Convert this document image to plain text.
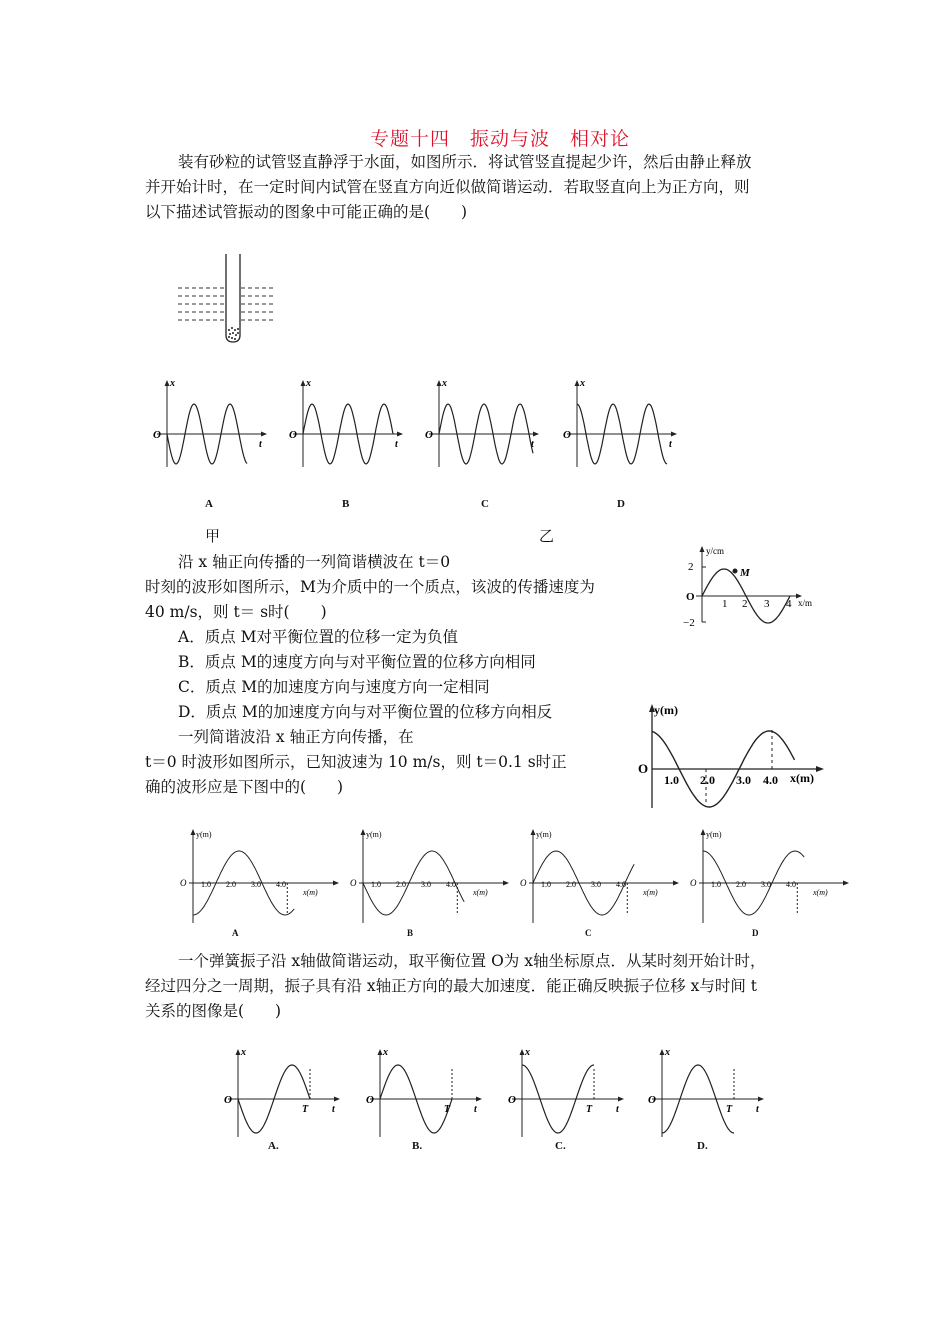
专题十四　振动与波　相对论
装有砂粒的试管竖直静浮于水面，如图所示．将试管竖直提起少许，然后由静止释放
并开始计时，在一定时间内试管在竖直方向近似做简谐运动．若取竖直向上为正方向，则
以下描述试管振动的图象中可能正确的是(　　)
x
t
O
x
t
O
x
t
O
x
t
O
A	B	C	D
甲	乙
沿 x 轴正向传播的一列简谐横波在 t＝0
时刻的波形如图所示，M为介质中的一个质点，该波的传播速度为
40 m/s，则 t＝ s时(　　)
A．质点 M对平衡位置的位移一定为负值
B．质点 M的速度方向与对平衡位置的位移方向相同
C．质点 M的加速度方向与速度方向一定相同
D．质点 M的加速度方向与对平衡位置的位移方向相反
y/cm
x/m
2
−2
O
1 2 3 4
M
一列简谐波沿 x 轴正方向传播，在
t＝0 时波形如图所示，已知波速为 10 m/s，则 t＝0.1 s时正
确的波形应是下图中的(　　)
y(m)
x(m)
O
1.0 2.0 3.0 4.0
y(m)
x(m)
O 1.0 2.0 3.0 4.0
y(m)
x(m)
O 1.0 2.0 3.0 4.0
y(m)
x(m)
O 1.0 2.0 3.0 4.0
y(m)
x(m)
O 1.0 2.0 3.0 4.0
A	B	C	D
一个弹簧振子沿 x轴做简谐运动，取平衡位置 O为 x轴坐标原点．从某时刻开始计时，
经过四分之一周期，振子具有沿 x轴正方向的最大加速度．能正确反映振子位移 x与时间 t
关系的图像是(　　)
x
t
O
T
x
t
O
T
x
t
O
T
x
t
O
T
A.	B.	C.	D.
